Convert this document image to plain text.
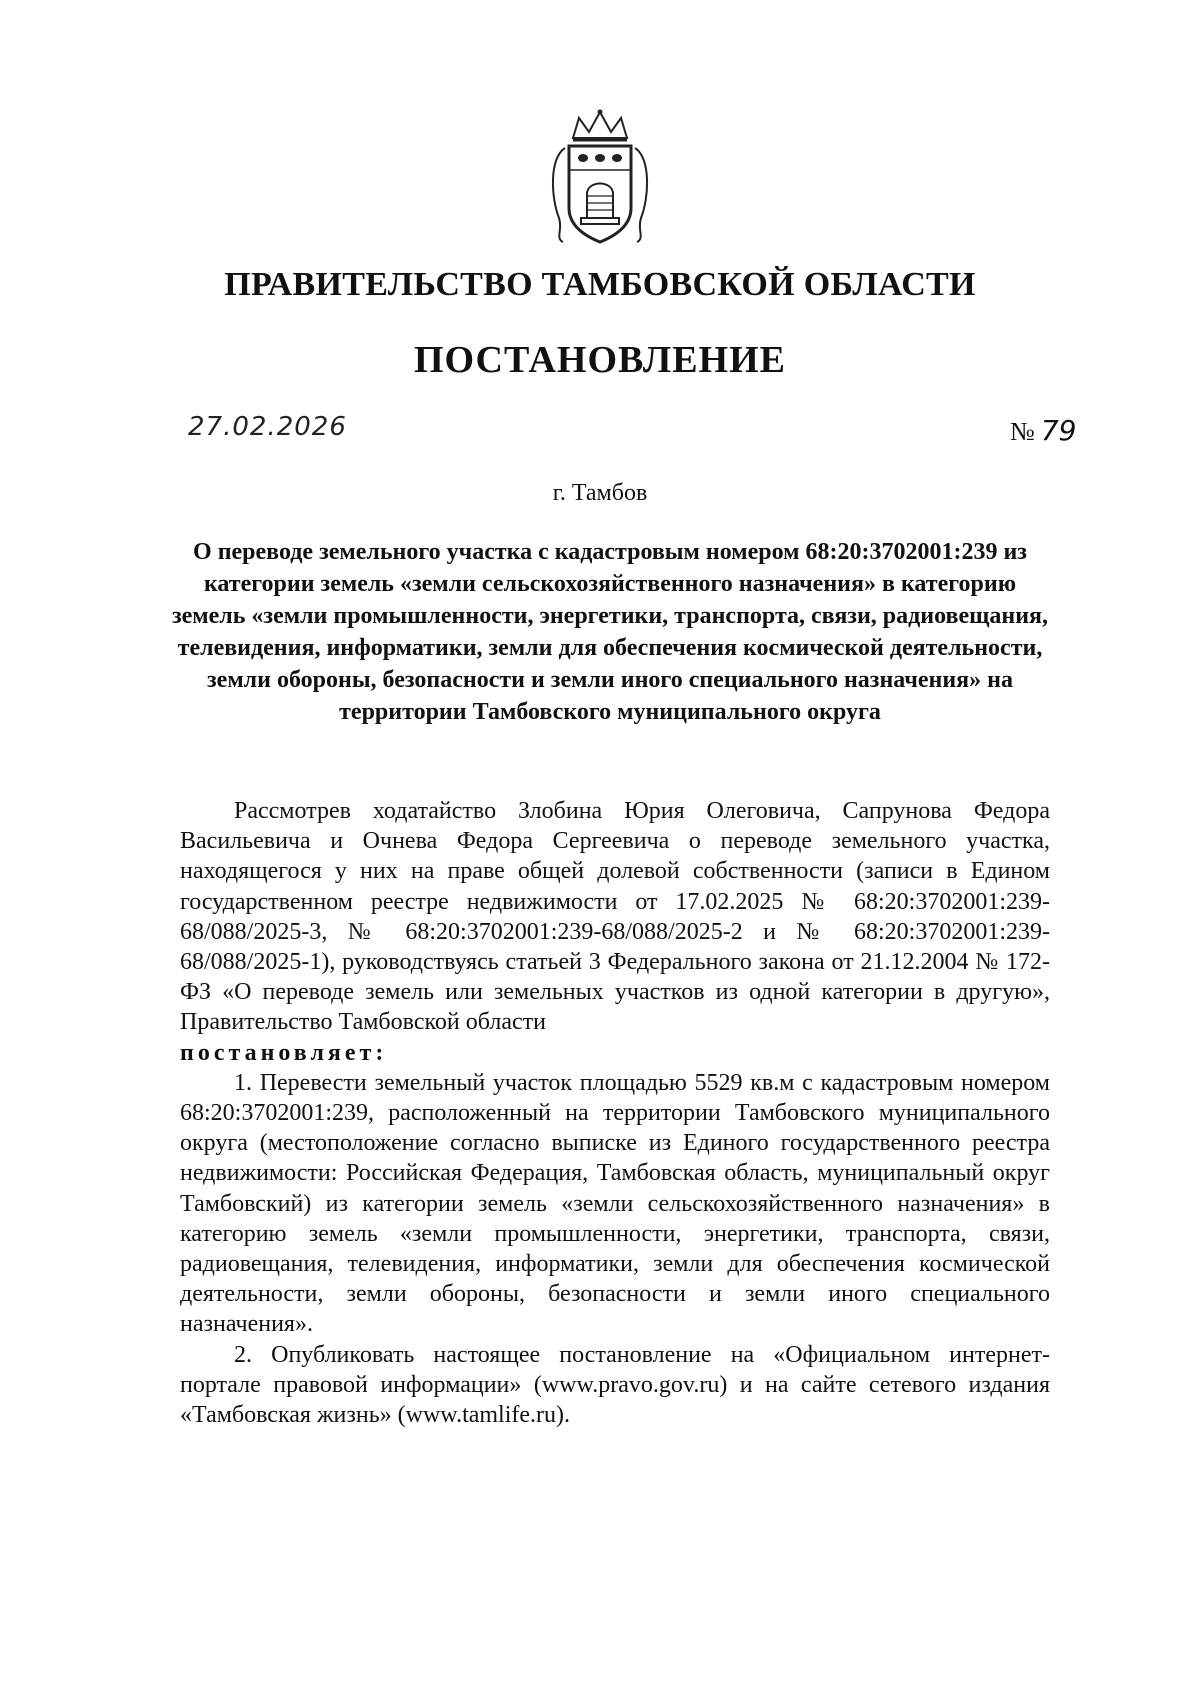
ПРАВИТЕЛЬСТВО ТАМБОВСКОЙ ОБЛАСТИ
ПОСТАНОВЛЕНИЕ
27.02.2026	№ 79
г. Тамбов
О переводе земельного участка с кадастровым номером 68:20:3702001:239 из категории земель «земли сельскохозяйственного назначения» в категорию земель «земли промышленности, энергетики, транспорта, связи, радиовещания, телевидения, информатики, земли для обеспечения космической деятельности, земли обороны, безопасности и земли иного специального назначения» на территории Тамбовского муниципального округа

Рассмотрев ходатайство Злобина Юрия Олеговича, Сапрунова Федора Васильевича и Очнева Федора Сергеевича о переводе земельного участка, находящегося у них на праве общей долевой собственности (записи в Едином государственном реестре недвижимости от 17.02.2025 № 68:20:3702001:239-68/088/2025-3, № 68:20:3702001:239-68/088/2025-2 и № 68:20:3702001:239-68/088/2025-1), руководствуясь статьей 3 Федерального закона от 21.12.2004 № 172-ФЗ «О переводе земель или земельных участков из одной категории в другую», Правительство Тамбовской области

постановляет:

1. Перевести земельный участок площадью 5529 кв.м с кадастровым номером 68:20:3702001:239, расположенный на территории Тамбовского муниципального округа (местоположение согласно выписке из Единого государственного реестра недвижимости: Российская Федерация, Тамбовская область, муниципальный округ Тамбовский) из категории земель «земли сельскохозяйственного назначения» в категорию земель «земли промышленности, энергетики, транспорта, связи, радиовещания, телевидения, информатики, земли для обеспечения космической деятельности, земли обороны, безопасности и земли иного специального назначения».

2. Опубликовать настоящее постановление на «Официальном интернет-портале правовой информации» (www.pravo.gov.ru) и на сайте сетевого издания «Тамбовская жизнь» (www.tamlife.ru).
